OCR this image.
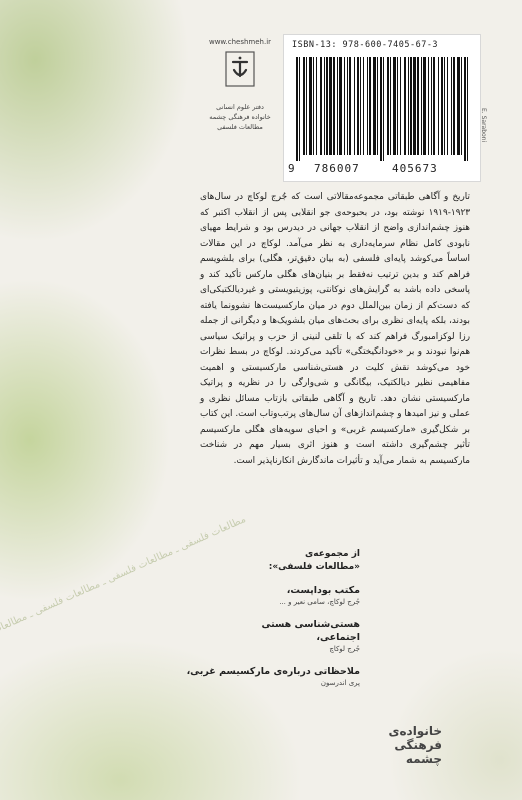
www.cheshmeh.ir
دفتر علوم انسانی
خانواده فرهنگی چشمه
مطالعات فلسفی
ISBN-13: 978-600-7405-67-3
9 786007	405673
E. Saraboni
تاریخ و آگاهی طبقاتی مجموعه‌مقالاتی است که جُرج لوکاچ در سال‌های ۱۹۲۳-۱۹۱۹ نوشته بود، در بحبوحه‌ی جو انقلابی پس از انقلاب اکتبر که هنوز چشم‌اندازی واضح از انقلاب جهانی در دیدرس بود و شرایط مهیای نابودی کامل نظام سرمایه‌داری به نظر می‌آمد. لوکاچ در این مقالات اساساً می‌کوشد پایه‌ای فلسفی (به بیان دقیق‌تر، هگلی) برای بلشویسم فراهم کند و بدین ترتیب نه‌فقط بر بنیان‌های هگلی مارکس تأکید کند و پاسخی داده باشد به گرایش‌های نوکانتی، پوزیتیویستی و غیردیالکتیکی‌ای که دست‌کم از زمان بین‌الملل دوم در میان مارکسیست‌ها نشوونما یافته بودند، بلکه پایه‌ای نظری برای بحث‌های میان بلشویک‌ها و دیگرانی از جمله رزا لوکزامبورگ فراهم کند که با تلقی لنینی از حزب و پراتیک سیاسی هم‌نوا نبودند و بر «خودانگیختگی» تأکید می‌کردند. لوکاچ در بسط نظرات خود می‌کوشد نقش کلیت در هستی‌شناسی مارکسیستی و اهمیت مفاهیمی نظیر دیالکتیک، بیگانگی و شی‌وارگی را در نظریه و پراتیک مارکسیستی نشان دهد. تاریخ و آگاهی طبقاتی بازتاب مسائل نظری و عملی و نیز امیدها و چشم‌اندازهای آن سال‌های پرتب‌وتاب است. این کتاب بر شکل‌گیری «مارکسیسم غربی» و احیای سویه‌های هگلی مارکسیسم تأثیر چشم‌گیری داشته است و هنوز اثری بسیار مهم در شناخت مارکسیسم به شمار می‌آید و تأثیرات ماندگارش انکارناپذیر است.
از مجموعه‌ی
«مطالعات فلسفی»:
مکتب بوداپست،
جُرج لوکاچ، سامی نعیر و ...
هستی‌شناسی هستی اجتماعی،
جُرج لوکاچ
ملاحظاتی درباره‌ی مارکسیسم غربی،
پری اندرسون
خانواده‌ی
فرهنگی
چشمه
